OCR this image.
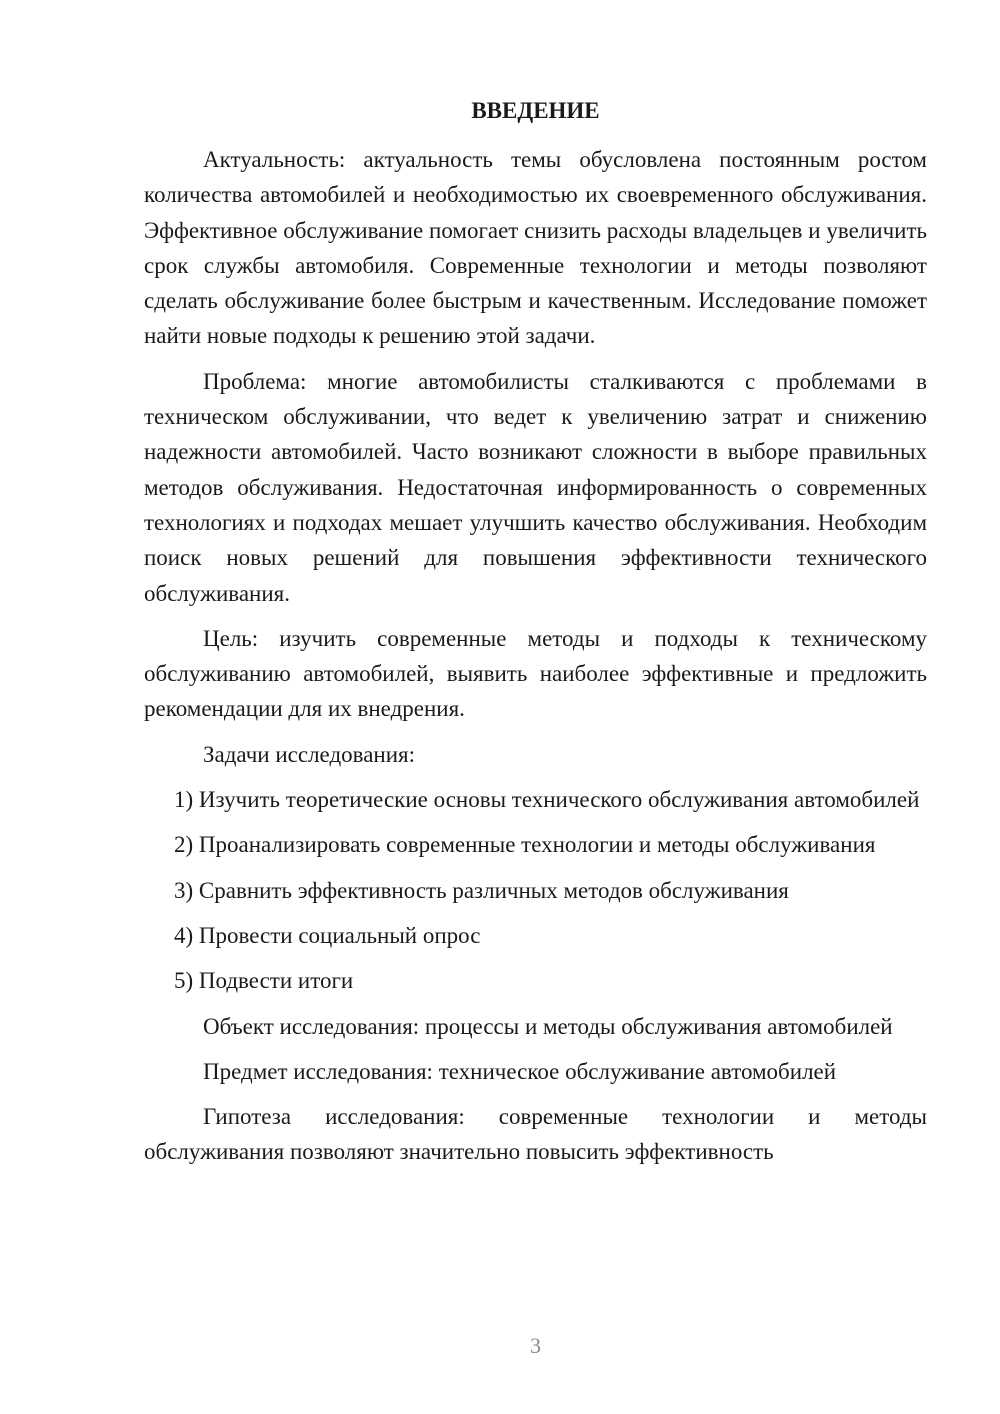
ВВЕДЕНИЕ

Актуальность: актуальность темы обусловлена постоянным ростом количества автомобилей и необходимостью их своевременного обслуживания. Эффективное обслуживание помогает снизить расходы владельцев и увеличить срок службы автомобиля. Современные технологии и методы позволяют сделать обслуживание более быстрым и качественным. Исследование поможет найти новые подходы к решению этой задачи.

Проблема: многие автомобилисты сталкиваются с проблемами в техническом обслуживании, что ведет к увеличению затрат и снижению надежности автомобилей. Часто возникают сложности в выборе правильных методов обслуживания. Недостаточная информированность о современных технологиях и подходах мешает улучшить качество обслуживания. Необходим поиск новых решений для повышения эффективности технического обслуживания.

Цель: изучить современные методы и подходы к техническому обслуживанию автомобилей, выявить наиболее эффективные и предложить рекомендации для их внедрения.

Задачи исследования:

1) Изучить теоретические основы технического обслуживания автомобилей

2) Проанализировать современные технологии и методы обслуживания

3) Сравнить эффективность различных методов обслуживания

4) Провести социальный опрос

5) Подвести итоги

Объект исследования: процессы и методы обслуживания автомобилей

Предмет исследования: техническое обслуживание автомобилей

Гипотеза исследования: современные технологии и методы обслуживания позволяют значительно повысить эффективность

3
